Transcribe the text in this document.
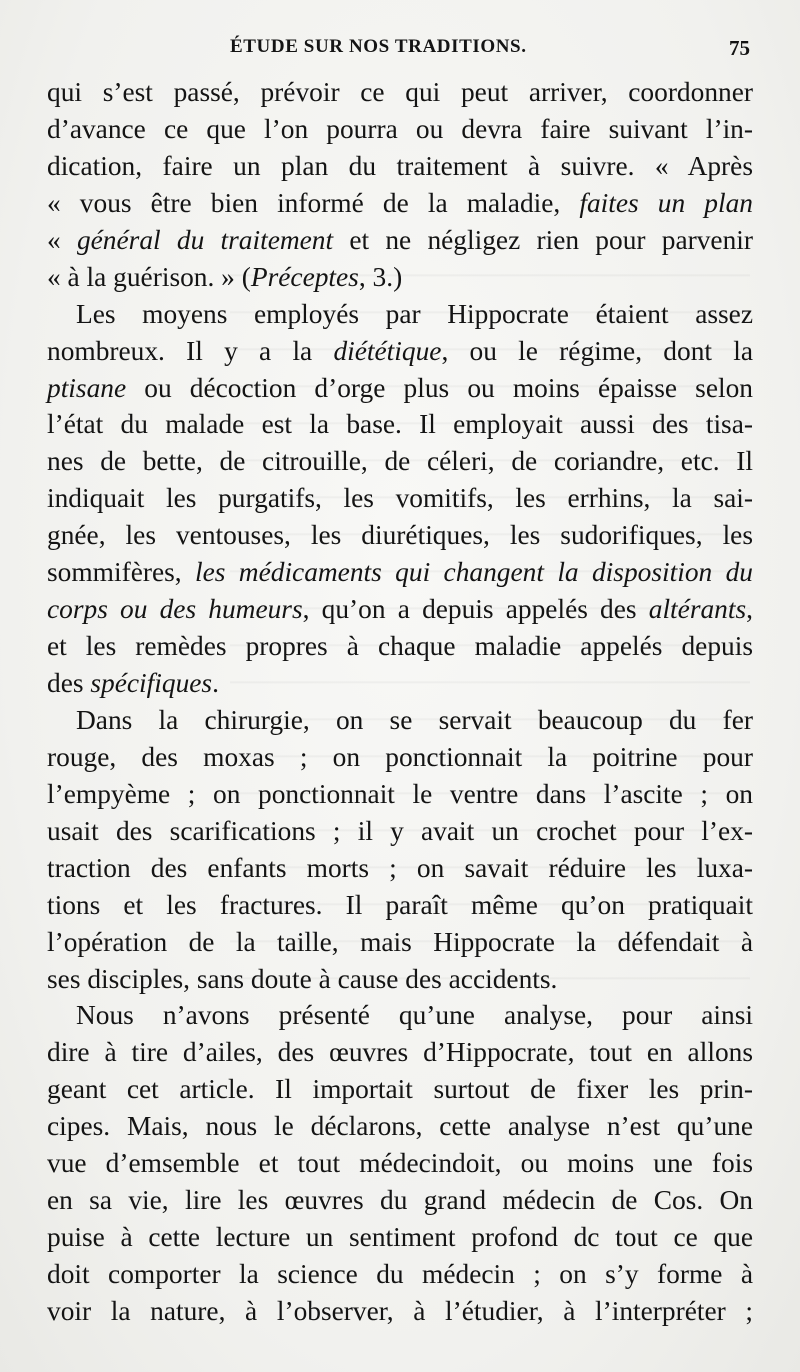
ÉTUDE SUR NOS TRADITIONS.	75
qui s’est passé, prévoir ce qui peut arriver, coordonner
d’avance ce que l’on pourra ou devra faire suivant l’in-
dication, faire un plan du traitement à suivre. « Après
« vous être bien informé de la maladie, faites un plan
« général du traitement et ne négligez rien pour parvenir
« à la guérison. » (Préceptes, 3.)
Les moyens employés par Hippocrate étaient assez
nombreux. Il y a la diététique, ou le régime, dont la
ptisane ou décoction d’orge plus ou moins épaisse selon
l’état du malade est la base. Il employait aussi des tisa-
nes de bette, de citrouille, de céleri, de coriandre, etc. Il
indiquait les purgatifs, les vomitifs, les errhins, la sai-
gnée, les ventouses, les diurétiques, les sudorifiques, les
sommifères, les médicaments qui changent la disposition du
corps ou des humeurs, qu’on a depuis appelés des altérants,
et les remèdes propres à chaque maladie appelés depuis
des spécifiques.
Dans la chirurgie, on se servait beaucoup du fer
rouge, des moxas ; on ponctionnait la poitrine pour
l’empyème ; on ponctionnait le ventre dans l’ascite ; on
usait des scarifications ; il y avait un crochet pour l’ex-
traction des enfants morts ; on savait réduire les luxa-
tions et les fractures. Il paraît même qu’on pratiquait
l’opération de la taille, mais Hippocrate la défendait à
ses disciples, sans doute à cause des accidents.
Nous n’avons présenté qu’une analyse, pour ainsi
dire à tire d’ailes, des œuvres d’Hippocrate, tout en allons
geant cet article. Il importait surtout de fixer les prin-
cipes. Mais, nous le déclarons, cette analyse n’est qu’une
vue d’emsemble et tout médecindoit, ou moins une fois
en sa vie, lire les œuvres du grand médecin de Cos. On
puise à cette lecture un sentiment profond dc tout ce que
doit comporter la science du médecin ; on s’y forme à
voir la nature, à l’observer, à l’étudier, à l’interpréter ;
